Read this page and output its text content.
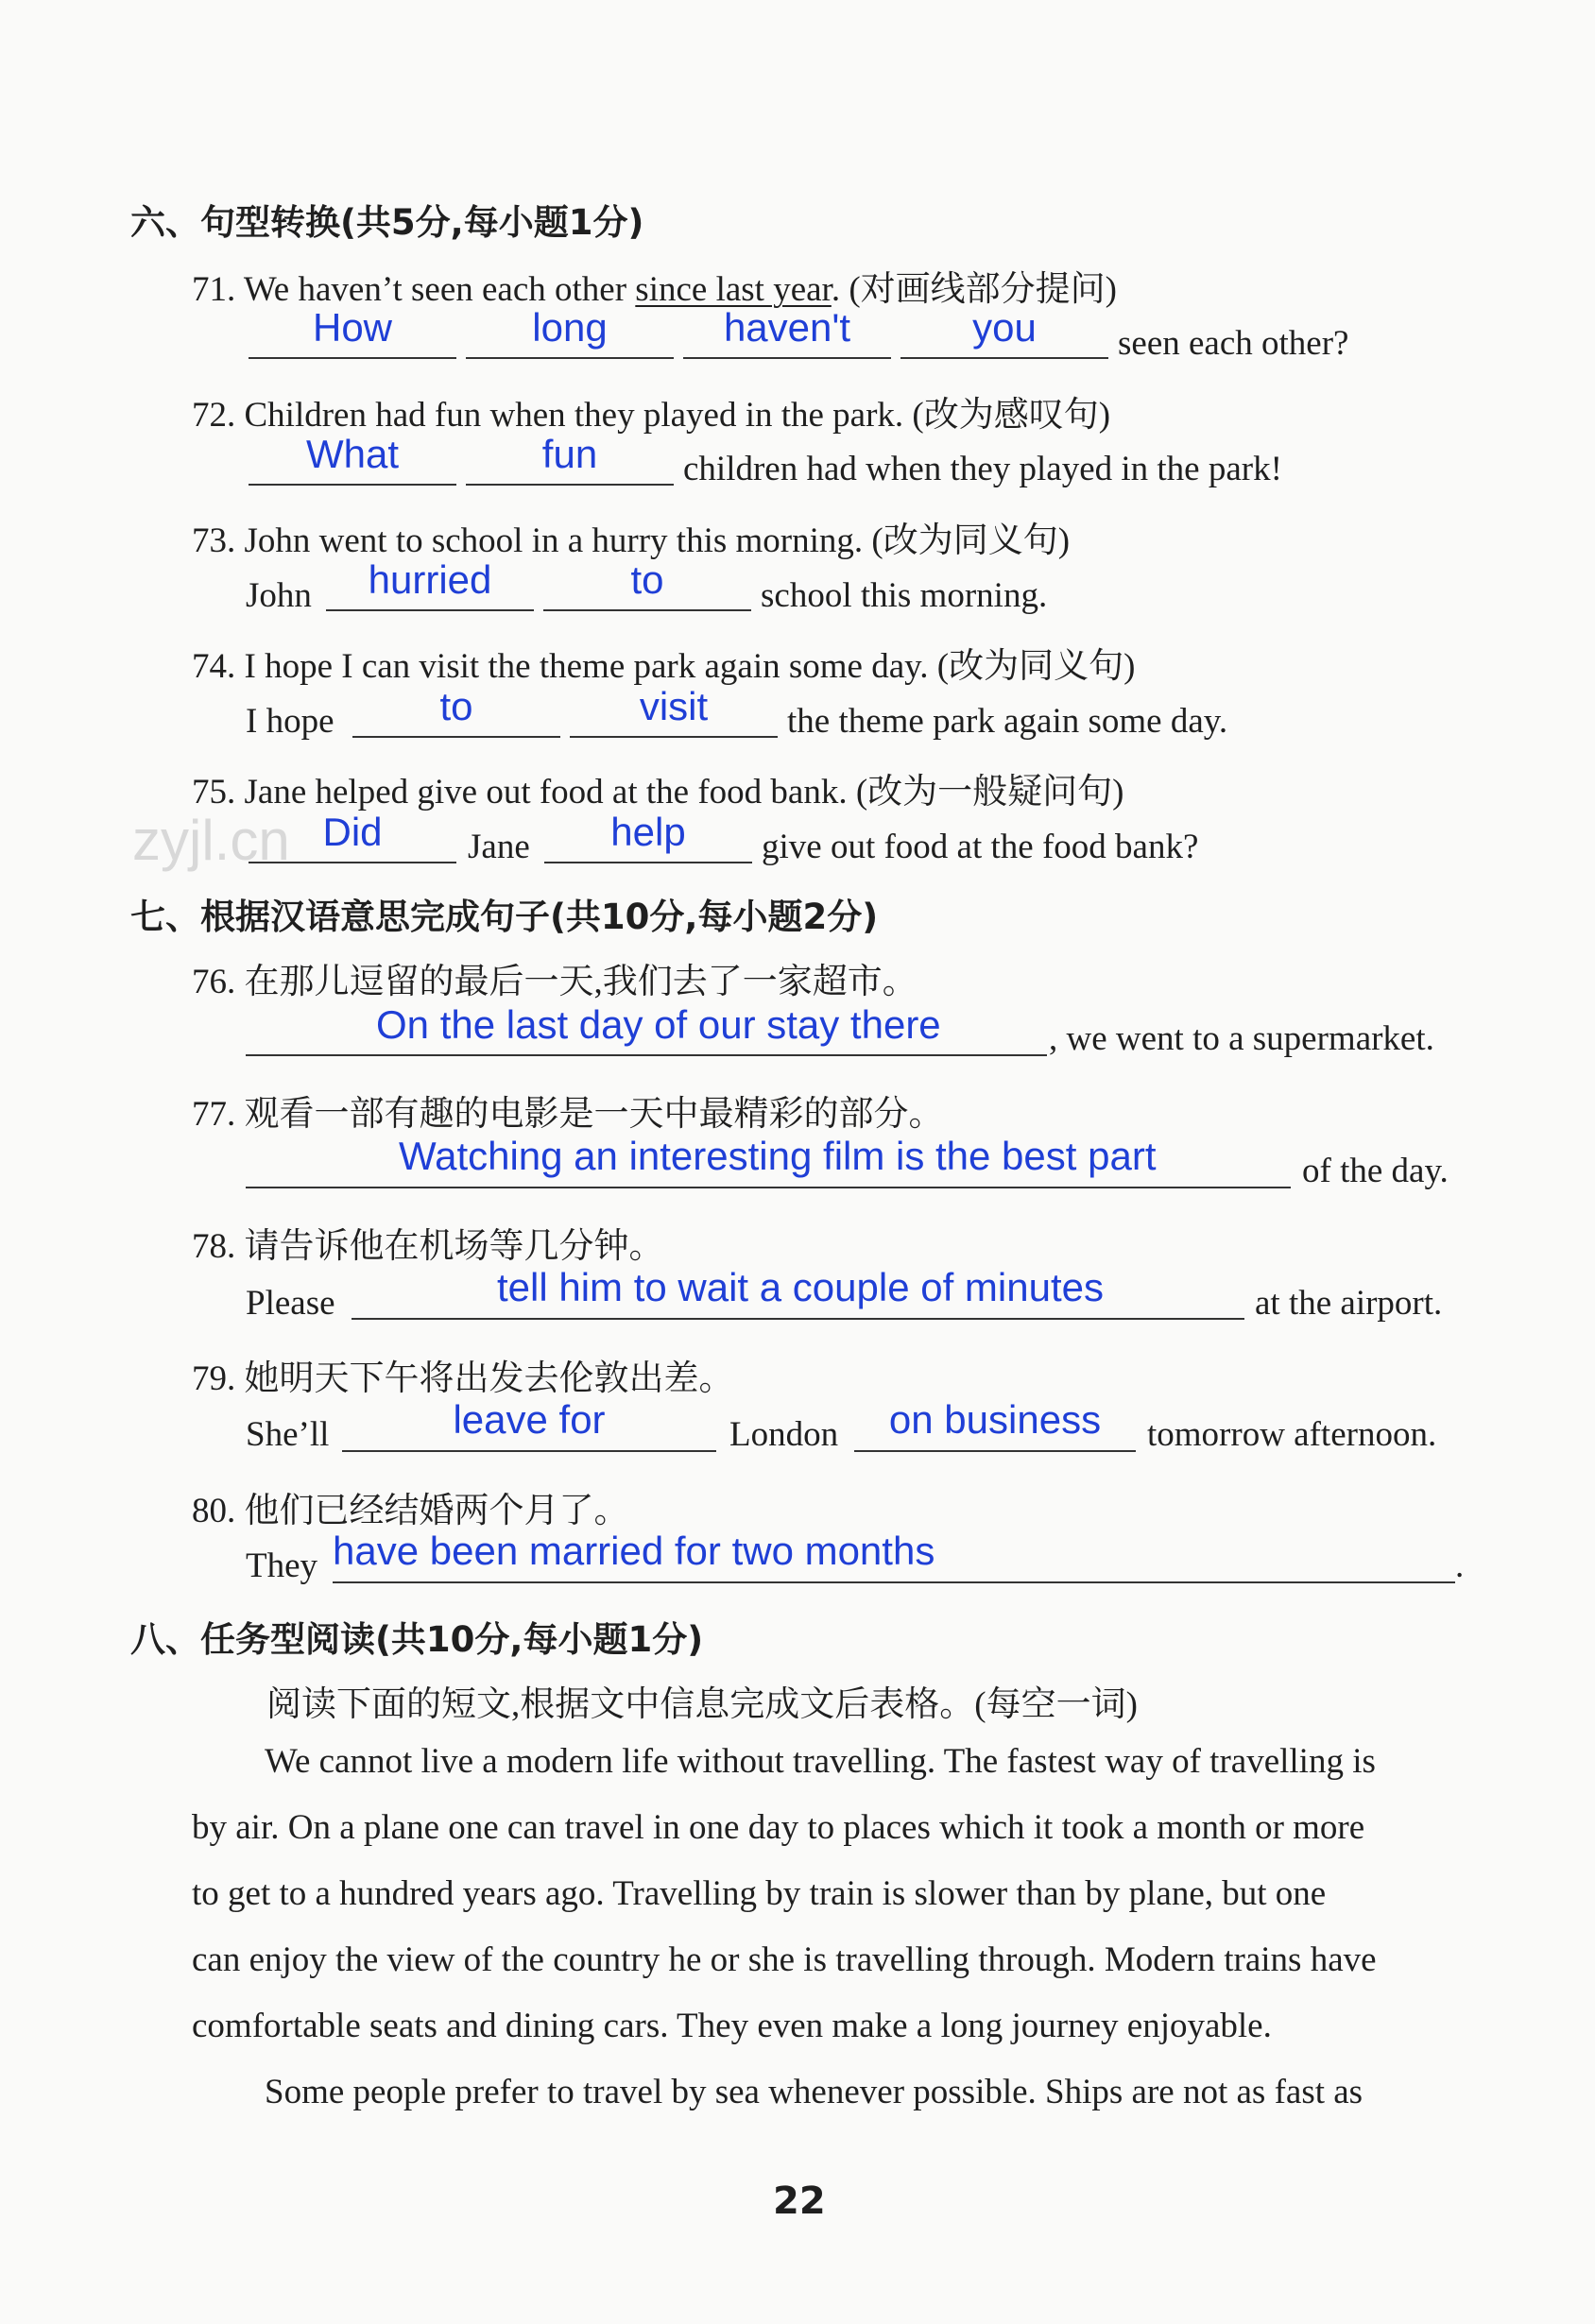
zyjl.cn
六、句型转换(共5分,每小题1分)
71. We haven’t seen each other since last year. (对画线部分提问)
How	long	haven't	you	seen each other?
72. Children had fun when they played in the park. (改为感叹句)
What	fun	children had when they played in the park!
73. John went to school in a hurry this morning. (改为同义句)
John	hurried	to	school this morning.
74. I hope I can visit the theme park again some day. (改为同义句)
I hope	to	visit	the theme park again some day.
75. Jane helped give out food at the food bank. (改为一般疑问句)
Did	Jane	help	give out food at the food bank?
七、根据汉语意思完成句子(共10分,每小题2分)
76. 在那儿逗留的最后一天,我们去了一家超市。
On the last day of our stay there	, we went to a supermarket.
77. 观看一部有趣的电影是一天中最精彩的部分。
Watching an interesting film is the best part	of the day.
78. 请告诉他在机场等几分钟。
Please	tell him to wait a couple of minutes	at the airport.
79. 她明天下午将出发去伦敦出差。
She’ll	leave for	London	on business	tomorrow afternoon.
80. 他们已经结婚两个月了。
They have been married for two months	.
八、任务型阅读(共10分,每小题1分)
阅读下面的短文,根据文中信息完成文后表格。(每空一词)
We cannot live a modern life without travelling. The fastest way of travelling is
by air. On a plane one can travel in one day to places which it took a month or more
to get to a hundred years ago. Travelling by train is slower than by plane, but one
can enjoy the view of the country he or she is travelling through. Modern trains have
comfortable seats and dining cars. They even make a long journey enjoyable.
Some people prefer to travel by sea whenever possible. Ships are not as fast as
22
